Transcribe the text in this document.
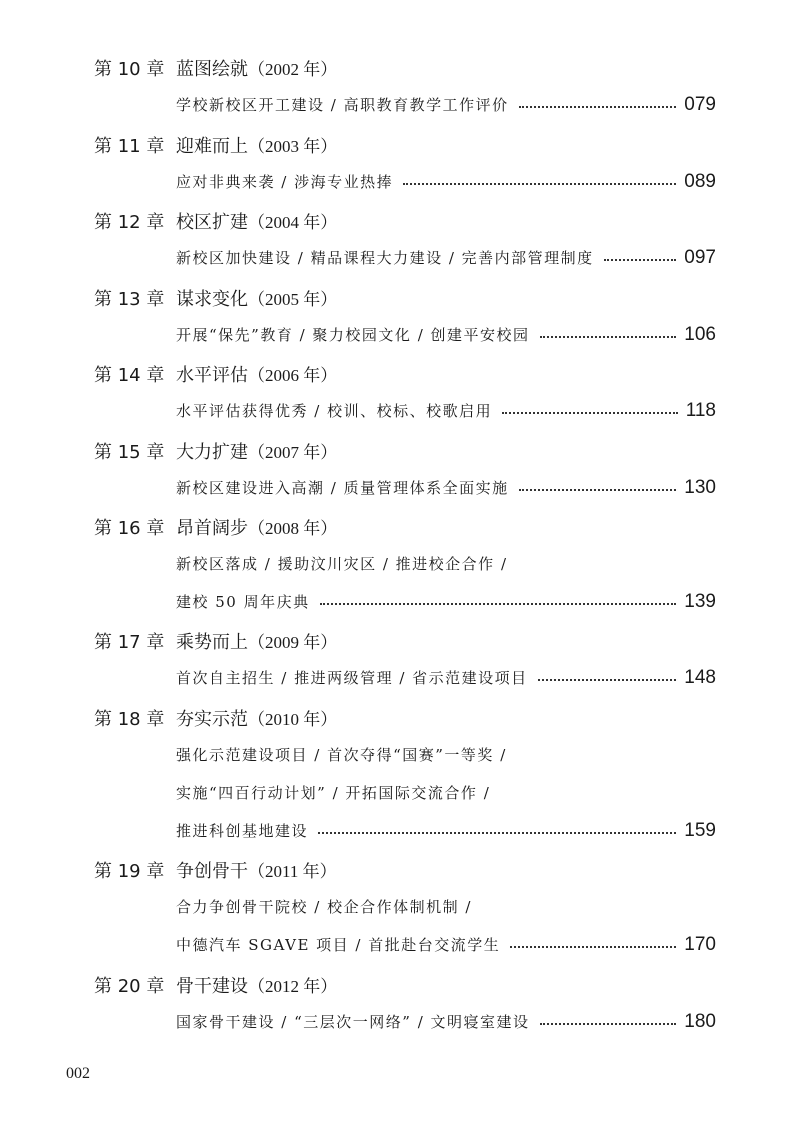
第 10 章 蓝图绘就（2002 年）
学校新校区开工建设 / 高职教育教学工作评价	079
第 11 章 迎难而上（2003 年）
应对非典来袭 / 涉海专业热捧	089
第 12 章 校区扩建（2004 年）
新校区加快建设 / 精品课程大力建设 / 完善内部管理制度	097
第 13 章 谋求变化（2005 年）
开展“保先”教育 / 聚力校园文化 / 创建平安校园	106
第 14 章 水平评估（2006 年）
水平评估获得优秀 / 校训、校标、校歌启用	118
第 15 章 大力扩建（2007 年）
新校区建设进入高潮 / 质量管理体系全面实施	130
第 16 章 昂首阔步（2008 年）
新校区落成 / 援助汶川灾区 / 推进校企合作 /
建校 50 周年庆典	139
第 17 章 乘势而上（2009 年）
首次自主招生 / 推进两级管理 / 省示范建设项目	148
第 18 章 夯实示范（2010 年）
强化示范建设项目 / 首次夺得“国赛”一等奖 /
实施“四百行动计划” / 开拓国际交流合作 /
推进科创基地建设	159
第 19 章 争创骨干（2011 年）
合力争创骨干院校 / 校企合作体制机制 /
中德汽车 SGAVE 项目 / 首批赴台交流学生	170
第 20 章 骨干建设（2012 年）
国家骨干建设 / “三层次一网络” / 文明寝室建设	180
002
